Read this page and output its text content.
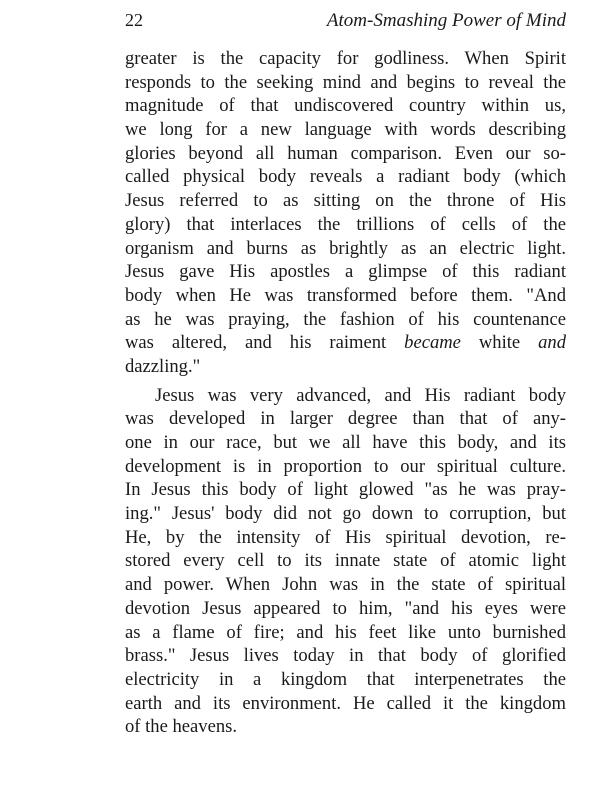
22	Atom-Smashing Power of Mind
greater is the capacity for godliness. When Spirit
responds to the seeking mind and begins to reveal the
magnitude of that undiscovered country within us,
we long for a new language with words describing
glories beyond all human comparison. Even our so-
called physical body reveals a radiant body (which
Jesus referred to as sitting on the throne of His
glory) that interlaces the trillions of cells of the
organism and burns as brightly as an electric light.
Jesus gave His apostles a glimpse of this radiant
body when He was transformed before them. "And
as he was praying, the fashion of his countenance
was altered, and his raiment became white and
dazzling."
Jesus was very advanced, and His radiant body
was developed in larger degree than that of any-
one in our race, but we all have this body, and its
development is in proportion to our spiritual culture.
In Jesus this body of light glowed "as he was pray-
ing." Jesus' body did not go down to corruption, but
He, by the intensity of His spiritual devotion, re-
stored every cell to its innate state of atomic light
and power. When John was in the state of spiritual
devotion Jesus appeared to him, "and his eyes were
as a flame of fire; and his feet like unto burnished
brass." Jesus lives today in that body of glorified
electricity in a kingdom that interpenetrates the
earth and its environment. He called it the kingdom
of the heavens.
